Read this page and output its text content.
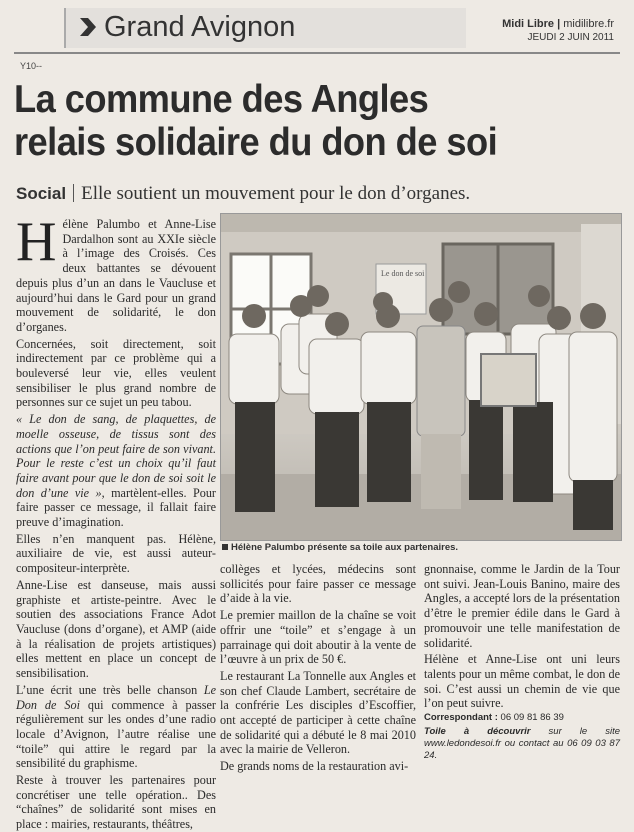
Grand Avignon	Midi Libre | midilibre.fr
JEUDI 2 JUIN 2011
Y10--
La commune des Angles
relais solidaire du don de soi
Social Elle soutient un mouvement pour le don d’organes.

Hélène Palumbo et Anne-Lise Dardalhon sont au XXIe siècle à l’image des Croisés. Ces deux battantes se dévouent depuis plus d’un an dans le Vaucluse et aujourd’hui dans le Gard pour un grand mouvement de solidarité, le don d’organes.

Concernées, soit directement, soit indirectement par ce problème qui a bouleversé leur vie, elles veulent sensibiliser le plus grand nombre de personnes sur ce sujet un peu tabou.

« Le don de sang, de plaquettes, de moelle osseuse, de tissus sont des actions que l’on peut faire de son vivant. Pour le reste c’est un choix qu’il faut faire avant pour que le don de soi soit le don d’une vie », martèlent-elles. Pour faire passer ce message, il fallait faire preuve d’imagination.

Elles n’en manquent pas. Hélène, auxiliaire de vie, est aussi auteur-compositeur-interprète.

Anne-Lise est danseuse, mais aussi graphiste et artiste-peintre. Avec le soutien des associations France Adot Vaucluse (dons d’organe), et AMP (aide à la réalisation de projets artistiques) elles mettent en place un concept de sensibilisation.

L’une écrit une très belle chanson Le Don de Soi qui commence à passer régulièrement sur les ondes d’une radio locale d’Avignon, l’autre réalise une “toile” qui attire le regard par la sensibilité du graphisme.

Reste à trouver les partenaires pour concrétiser une telle opération.. Des “chaînes” de solidarité sont mises en place : mairies, restaurants, théâtres,

Le don de soi
Hélène Palumbo présente sa toile aux partenaires.

collèges et lycées, médecins sont sollicités pour faire passer ce message d’aide à la vie.

Le premier maillon de la chaîne se voit offrir une “toile” et s’engage à un parrainage qui doit aboutir à la vente de l’œuvre à un prix de 50 €.

Le restaurant La Tonnelle aux Angles et son chef Claude Lambert, secrétaire de la confrérie Les disciples d’Escoffier, ont accepté de participer à cette chaîne de solidarité qui a débuté le 8 mai 2010 avec la mairie de Velleron.

De grands noms de la restauration avi-

gnonnaise, comme le Jardin de la Tour ont suivi. Jean-Louis Banino, maire des Angles, a accepté lors de la présentation d’être le premier édile dans le Gard à promouvoir une telle manifestation de solidarité.

Hélène et Anne-Lise ont uni leurs talents pour un même combat, le don de soi. C’est aussi un chemin de vie que l’on peut suivre.

Correspondant : 06 09 81 86 39

Toile à découvrir sur le site www.ledondesoi.fr ou contact au 06 09 03 87 24.
